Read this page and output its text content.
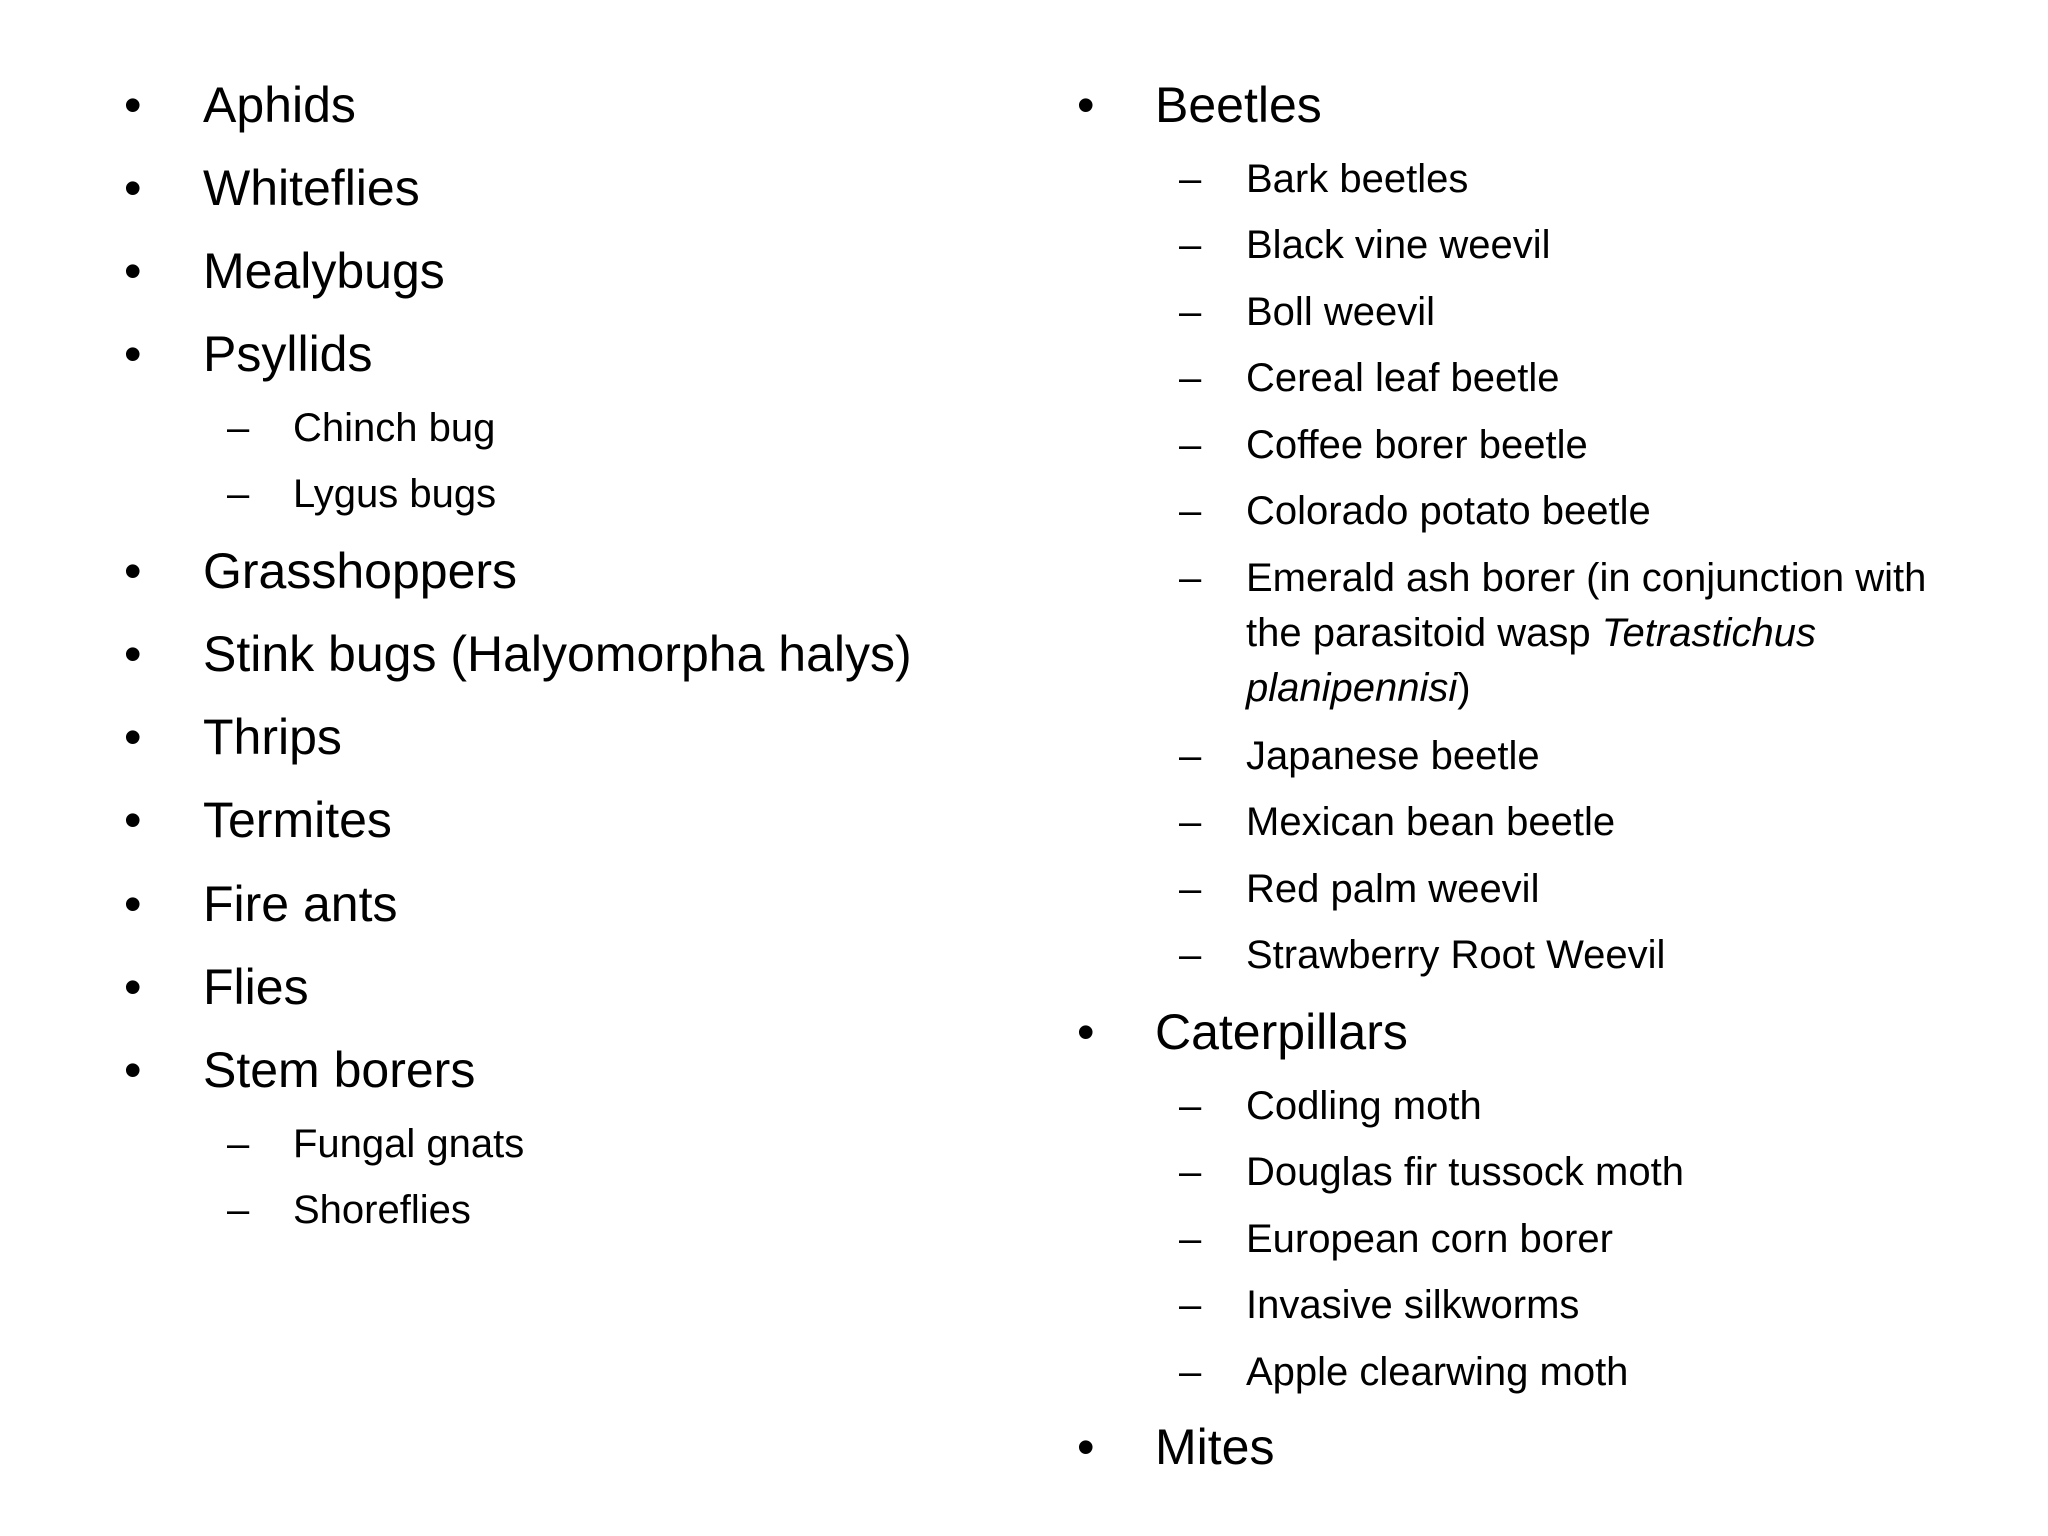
• Aphids
• Whiteflies
• Mealybugs
• Psyllids
– Chinch bug
– Lygus bugs
• Grasshoppers
• Stink bugs (Halyomorpha halys)
• Thrips
• Termites
• Fire ants
• Flies
• Stem borers
– Fungal gnats
– Shoreflies
• Beetles
– Bark beetles
– Black vine weevil
– Boll weevil
– Cereal leaf beetle
– Coffee borer beetle
– Colorado potato beetle
– Emerald ash borer (in conjunction with the parasitoid wasp Tetrastichus planipennisi)
– Japanese beetle
– Mexican bean beetle
– Red palm weevil
– Strawberry Root Weevil
• Caterpillars
– Codling moth
– Douglas fir tussock moth
– European corn borer
– Invasive silkworms
– Apple clearwing moth
• Mites
